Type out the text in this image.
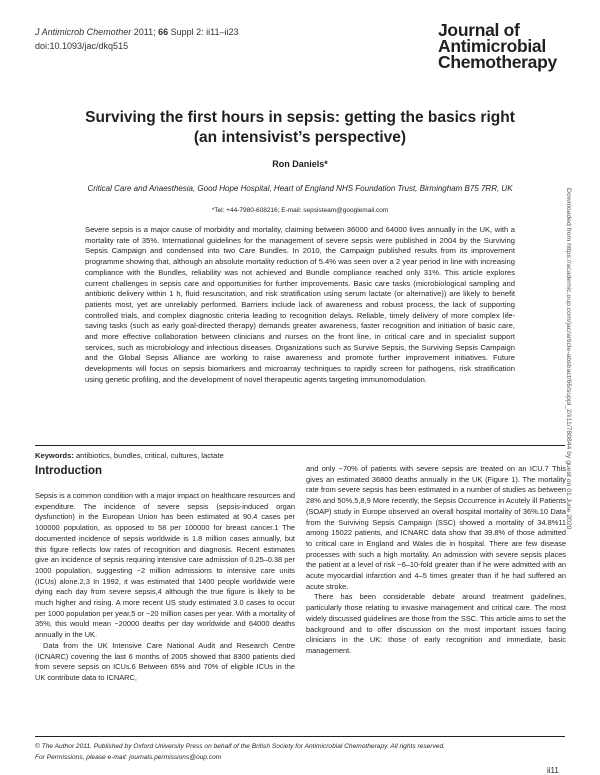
J Antimicrob Chemother 2011; 66 Suppl 2: ii11–ii23
doi:10.1093/jac/dkq515
Journal of
Antimicrobial
Chemotherapy
Surviving the first hours in sepsis: getting the basics right
(an intensivist’s perspective)
Ron Daniels*
Critical Care and Anaesthesia, Good Hope Hospital, Heart of England NHS Foundation Trust, Birmingham B75 7RR, UK
*Tel: +44-7980-608216; E-mail: sepsisteam@googlemail.com
Severe sepsis is a major cause of morbidity and mortality, claiming between 36000 and 64000 lives annually in the UK, with a mortality rate of 35%. International guidelines for the management of severe sepsis were published in 2004 by the Surviving Sepsis Campaign and condensed into two Care Bundles. In 2010, the Campaign published results from its improvement programme showing that, although an absolute mortality reduction of 5.4% was seen over a 2 year period in line with increasing compliance with the Bundles, reliability was not achieved and Bundle compliance reached only 31%. This article explores current challenges in sepsis care and opportunities for further improvements. Basic care tasks (microbiological sampling and antibiotic delivery within 1 h, fluid resuscitation, and risk stratification using serum lactate (or alternative)) are likely to benefit patients most, yet are unreliably performed. Barriers include lack of awareness and robust process, the lack of supporting controlled trials, and complex diagnostic criteria leading to recognition delays. Reliable, timely delivery of more complex life-saving tasks (such as early goal-directed therapy) demands greater awareness, faster recognition and initiation of basic care, and more effective collaboration between clinicians and nurses on the front line, in critical care and in specialist support services, such as microbiology and infectious diseases. Organizations such as Survive Sepsis, the Surviving Sepsis Campaign and the Global Sepsis Alliance are working to raise awareness and promote further improvement initiatives. Future developments will focus on sepsis biomarkers and microarray techniques to rapidly screen for pathogens, risk stratification using genetic profiling, and the development of novel therapeutic agents targeting immunomodulation.
Keywords: antibiotics, bundles, critical, cultures, lactate
Introduction

Sepsis is a common condition with a major impact on healthcare resources and expenditure. The incidence of severe sepsis (sepsis-induced organ dysfunction) in the European Union has been estimated at 90.4 cases per 100000 population, as opposed to 58 per 100000 for breast cancer.1 The documented incidence of sepsis worldwide is 1.8 million cases annually, but this figure reflects low rates of recognition and diagnosis. Recent estimates give an incidence of sepsis requiring intensive care admission of 0.25–0.38 per 1000 population, suggesting ~2 million admissions to intensive care units (ICUs) alone.2,3 In 1992, it was estimated that 1400 people worldwide were dying each day from severe sepsis,4 although the true figure is likely to be much higher and rising. A more recent US study estimated 3.0 cases to occur per 1000 population per year,5 or ~20 million cases per year. With a mortality of 35%, this would mean ~20000 deaths per day worldwide and 64000 deaths annually in the UK.

Data from the UK Intensive Care National Audit and Research Centre (ICNARC) covering the last 6 months of 2005 showed that 8300 patients died from severe sepsis on ICUs.6 Between 65% and 70% of eligible ICUs in the UK contribute data to ICNARC,

and only ~70% of patients with severe sepsis are treated on an ICU.7 This gives an estimated 36800 deaths annually in the UK (Figure 1). The mortality rate from severe sepsis has been estimated in a number of studies as between 28% and 50%.5,8,9 More recently, the Sepsis Occurrence in Acutely ill Patients (SOAP) study in Europe observed an overall hospital mortality of 36%.10 Data from the Surviving Sepsis Campaign (SSC) showed a mortality of 34.8%11 among 15022 patients, and ICNARC data show that 39.8% of those admitted to critical care in England and Wales die in hospital. There are few disease processes with such a high mortality. An admission with severe sepsis places the patient at a level of risk ~6–10-fold greater than if he were admitted with an acute myocardial infarction and 4–5 times greater than if he had suffered an acute stroke.

There has been considerable debate around treatment guidelines, particularly those relating to invasive management and critical care. The most widely discussed guidelines are those from the SSC. This article aims to set the background and to offer discussion on the most important issues facing clinicians in the UK: those of early recognition and immediate, basic management.

© The Author 2011. Published by Oxford University Press on behalf of the British Society for Antimicrobial Chemotherapy. All rights reserved.
For Permissions, please e-mail: journals.permissions@oup.com
ii11
Downloaded from https://academic.oup.com/jac/article-abstract/66/suppl_2/ii11/780844 by guest on 01 June 2020
